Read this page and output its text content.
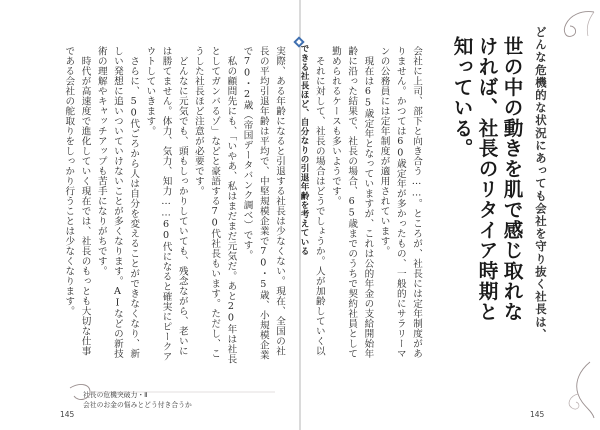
どんな危機的な状況にあっても会社を守り抜く社長は、
世の中の動きを肌で感じ取れなければ、社長のリタイア時期と知っている。
会社に上司、部下と向き合う……。ところが、社長には定年制度がありません。かつては60歳定年が多かったもの、一般的にサラリーマンの公務員には定年制度が適用されています。
　現在は65歳定年となっていますが、これは公的年金の支給開始年齢に沿った結果で、社長の場合、65歳までのうちで契約社員として勤められるケースも多いようです。
　それに対して、社長の場合はどうでしょうか。人が加齢していく以

できる社長ほど、自分なりの引退年齢を考えている
実際、ある年齢になると引退する社長は少なくない。現在、全国の社長の平均引退年齢は平均で、中堅規模企業で70・5歳、小規模企業で70・2歳（帝国データバンク調べ）です。
　私の顧問先にも、「いやあ、私はまだまだ元気だ。あと20年は社長としてガンバるゾ」などと豪語する70代社長もいます。ただし、こうした社長ほど注意が必要です。
　どんなに元気でも、頭もしっかりしていても、残念ながら、老いには勝てません。体力、気力、知力……60代になると確実にピークアウトしていきます。
　さらに、50代ごろから人は自分を変えることができなくなり、新しい発想に追いついていけないことが多くなります。AIなどの新技術の理解やキャッチアップも苦手になりがちです。
　時代が高速度で進化していく現在では、社長のもっとも大切な仕事である会社の舵取りをしっかり行うことは少なくなります。

社長の危機突破力・Ⅱ
会社のお金の悩みとどう付き合うか
145	145
